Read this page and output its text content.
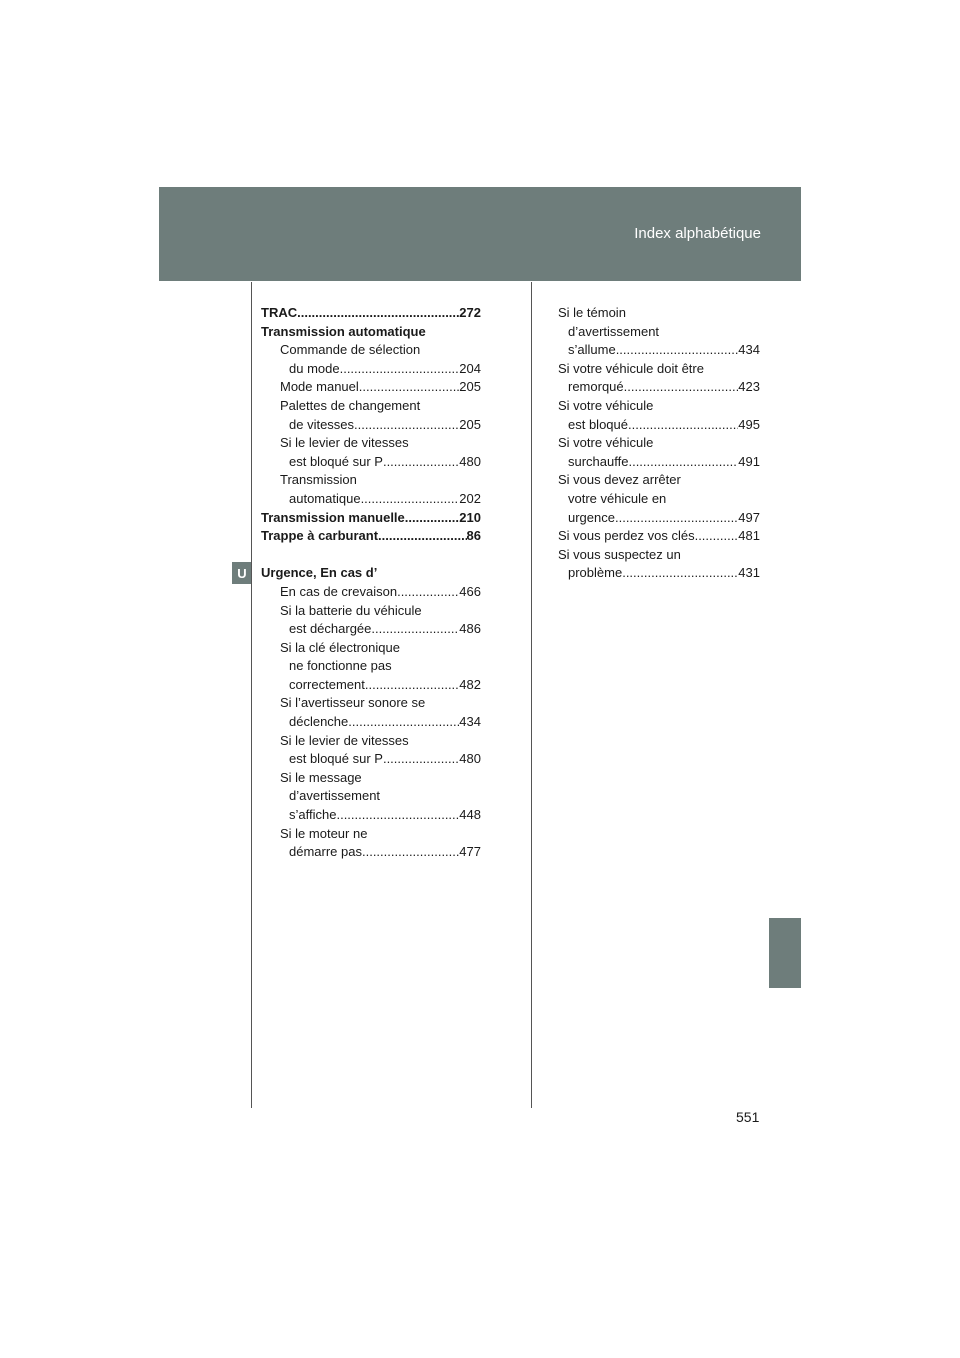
Index alphabétique
U
TRAC .....	272
Transmission automatique
Commande de sélection
du mode .....	204
Mode manuel .....	205
Palettes de changement
de vitesses .....	205
Si le levier de vitesses
est bloqué sur P .....	480
Transmission
automatique .....	202
Transmission manuelle .....	210
Trappe à carburant .....	86
Urgence, En cas d’
En cas de crevaison .....	466
Si la batterie du véhicule
est déchargée .....	486
Si la clé électronique
ne fonctionne pas
correctement .....	482
Si l’avertisseur sonore se
déclenche .....	434
Si le levier de vitesses
est bloqué sur P .....	480
Si le message
d’avertissement
s’affiche .....	448
Si le moteur ne
démarre pas .....	477
Si le témoin
d’avertissement
s’allume .....	434
Si votre véhicule doit être
remorqué .....	423
Si votre véhicule
est bloqué .....	495
Si votre véhicule
surchauffe .....	491
Si vous devez arrêter
votre véhicule en
urgence .....	497
Si vous perdez vos clés .....	481
Si vous suspectez un
problème .....	431
551
